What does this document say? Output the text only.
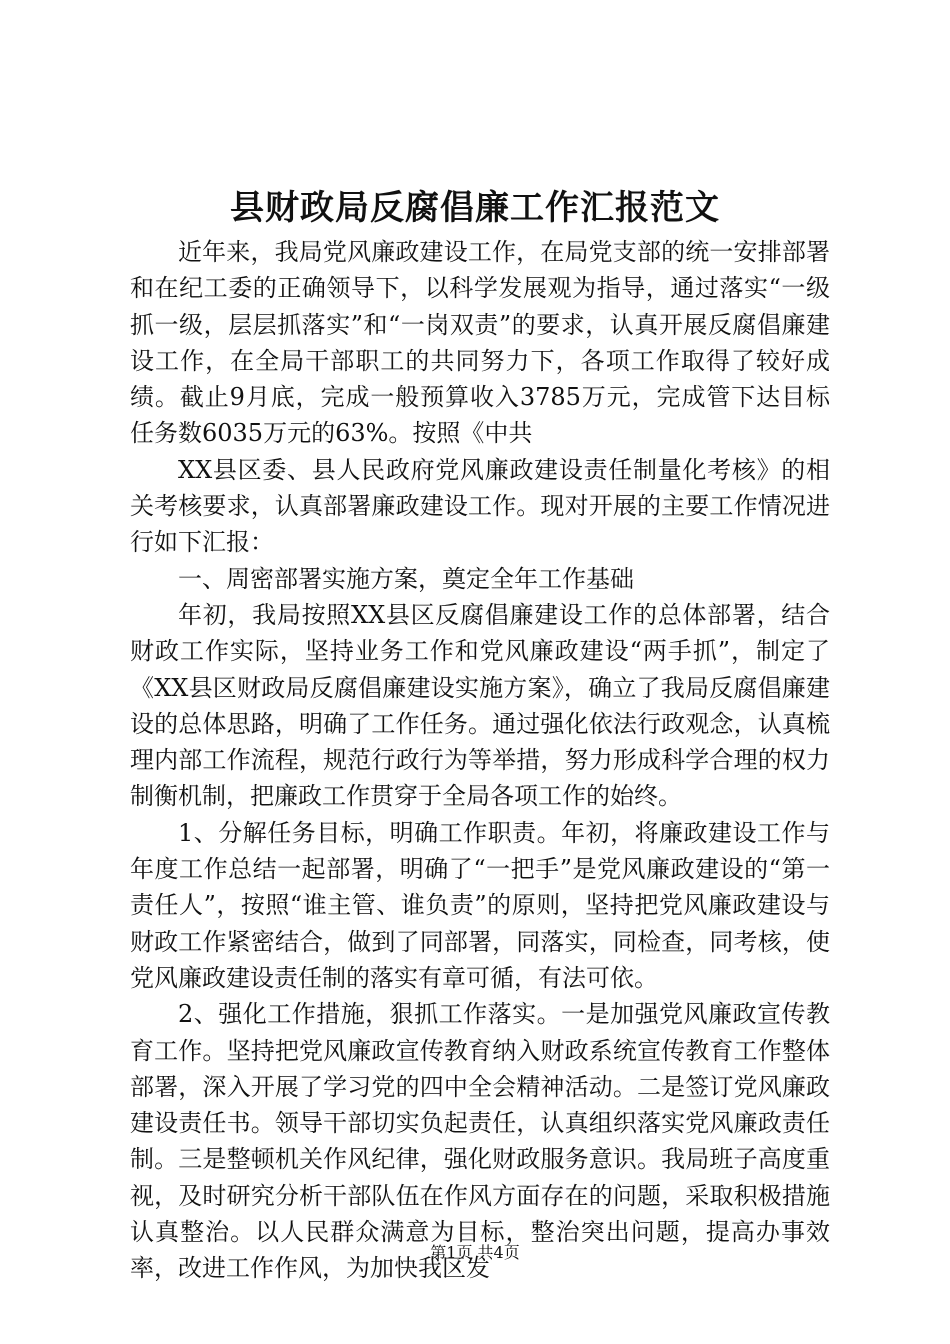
县财政局反腐倡廉工作汇报范文

近年来，我局党风廉政建设工作，在局党支部的统一安排部署和在纪工委的正确领导下，以科学发展观为指导，通过落实“一级抓一级，层层抓落实”和“一岗双责”的要求，认真开展反腐倡廉建设工作，在全局干部职工的共同努力下，各项工作取得了较好成绩。截止9月底，完成一般预算收入3785万元，完成管下达目标任务数6035万元的63%。按照《中共

XX县区委、县人民政府党风廉政建设责任制量化考核》的相关考核要求，认真部署廉政建设工作。现对开展的主要工作情况进行如下汇报：

一、周密部署实施方案，奠定全年工作基础

年初，我局按照XX县区反腐倡廉建设工作的总体部署，结合财政工作实际，坚持业务工作和党风廉政建设“两手抓”，制定了《XX县区财政局反腐倡廉建设实施方案》，确立了我局反腐倡廉建设的总体思路，明确了工作任务。通过强化依法行政观念，认真梳理内部工作流程，规范行政行为等举措，努力形成科学合理的权力制衡机制，把廉政工作贯穿于全局各项工作的始终。

1、分解任务目标，明确工作职责。年初，将廉政建设工作与年度工作总结一起部署，明确了“一把手”是党风廉政建设的“第一责任人”，按照“谁主管、谁负责”的原则，坚持把党风廉政建设与财政工作紧密结合，做到了同部署，同落实，同检查，同考核，使党风廉政建设责任制的落实有章可循，有法可依。

2、强化工作措施，狠抓工作落实。一是加强党风廉政宣传教育工作。坚持把党风廉政宣传教育纳入财政系统宣传教育工作整体部署，深入开展了学习党的四中全会精神活动。二是签订党风廉政建设责任书。领导干部切实负起责任，认真组织落实党风廉政责任制。三是整顿机关作风纪律，强化财政服务意识。我局班子高度重视，及时研究分析干部队伍在作风方面存在的问题，采取积极措施认真整治。以人民群众满意为目标，整治突出问题，提高办事效率，改进工作作风，为加快我区发

第1页 共4页
